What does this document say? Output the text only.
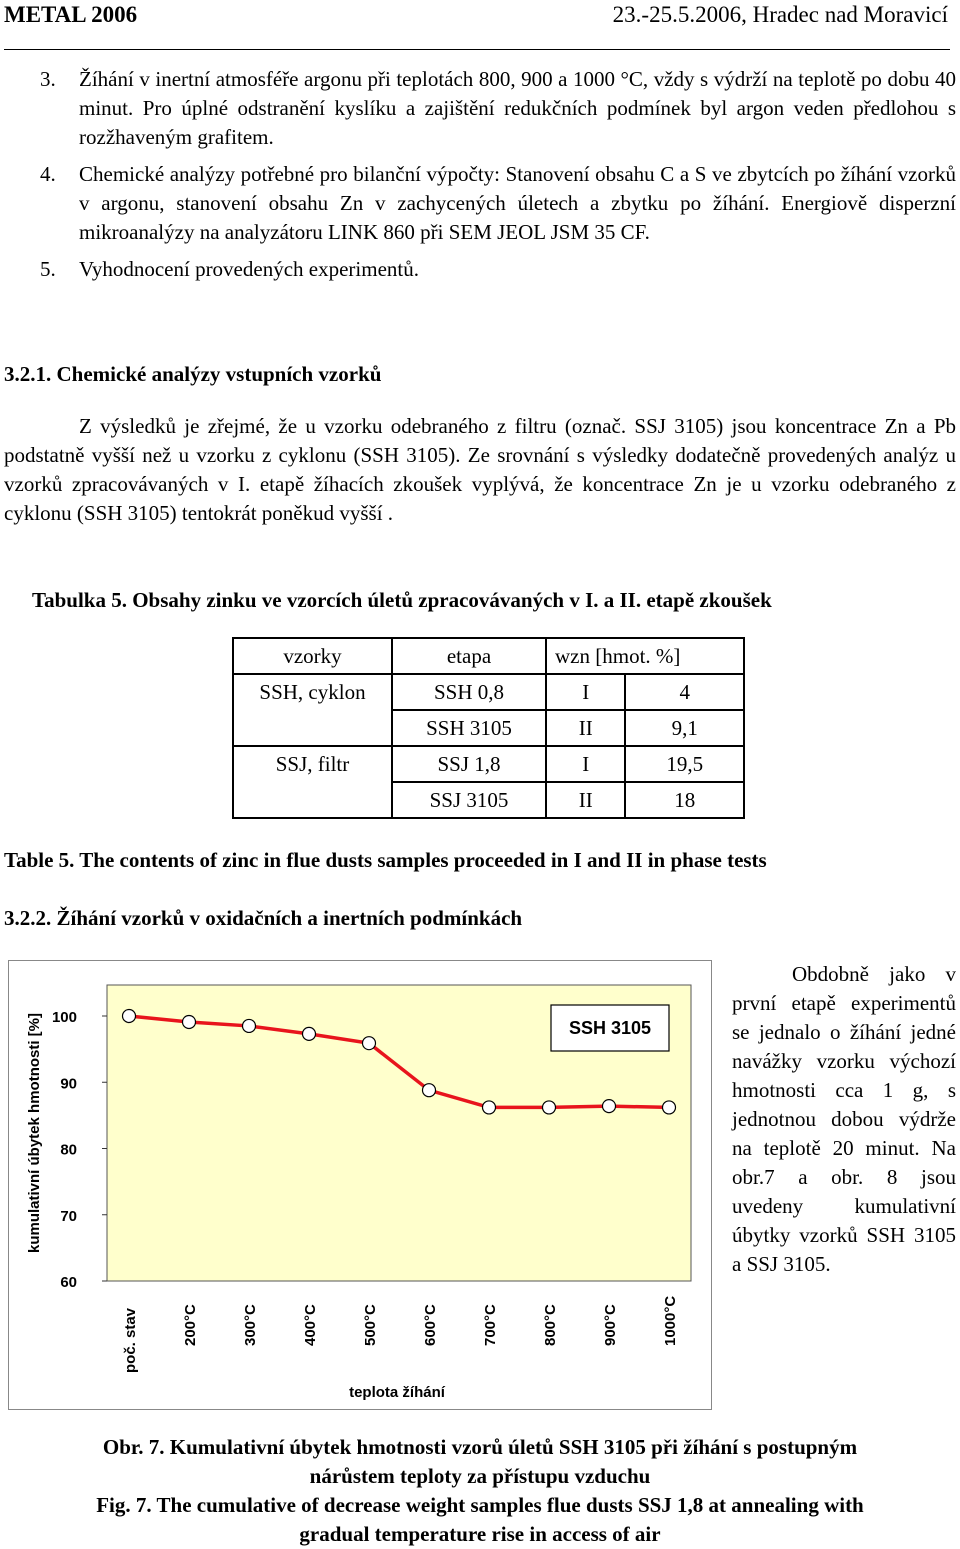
METAL 2006	23.-25.5.2006, Hradec nad Moravicí
3. Žíhání v inertní atmosféře argonu při teplotách 800, 900 a 1000 °C, vždy s výdrží na teplotě po dobu 40 minut. Pro úplné odstranění kyslíku a zajištění redukčních podmínek byl argon veden předlohou s rozžhaveným grafitem.
4. Chemické analýzy potřebné pro bilanční výpočty: Stanovení obsahu C a S ve zbytcích po žíhání vzorků v argonu, stanovení obsahu Zn v zachycených úletech a zbytku po žíhání. Energiově disperzní mikroanalýzy na analyzátoru LINK 860 při SEM JEOL JSM 35 CF.
5. Vyhodnocení provedených experimentů.
3.2.1. Chemické analýzy vstupních vzorků
Z výsledků je zřejmé, že u vzorku odebraného z filtru (označ. SSJ 3105) jsou koncentrace Zn a Pb podstatně vyšší než u vzorku z cyklonu (SSH 3105). Ze srovnání s výsledky dodatečně provedených analýz u vzorků zpracovávaných v I. etapě žíhacích zkoušek vyplývá, že koncentrace Zn je u vzorku odebraného z cyklonu (SSH 3105) tentokrát poněkud vyšší .
Tabulka 5. Obsahy zinku ve vzorcích úletů zpracovávaných v I. a II. etapě zkoušek
vzorky	etapa	wzn [hmot. %]	
SSH, cyklon	SSH 0,8	I	4
	SSH 3105	II	9,1
SSJ, filtr	SSJ 1,8	I	19,5
	SSJ 3105	II	18
Table 5. The contents of zinc in flue dusts samples proceeded in I and II in phase tests
3.2.2. Žíhání vzorků v oxidačních a inertních podmínkách
100
90
80
70
60
kumulativní úbytek hmotnosti [%]
poč. stav	200°C	300°C	400°C	500°C	600°C	700°C	800°C	900°C	1000°C
teplota žíhání
SSH 3105
Obdobně jako v první etapě experimentů se jednalo o žíhání jedné navážky vzorku výchozí hmotnosti cca 1 g, s jednotnou dobou výdrže na teplotě 20 minut. Na obr.7 a obr. 8 jsou uvedeny kumulativní úbytky vzorků SSH 3105 a SSJ 3105.
Obr. 7. Kumulativní úbytek hmotnosti vzorů úletů SSH 3105 při žíhání s postupným
nárůstem teploty za přístupu vzduchu
Fig. 7. The cumulative of decrease weight samples flue dusts SSJ 1,8 at annealing with
gradual temperature rise in access of air
